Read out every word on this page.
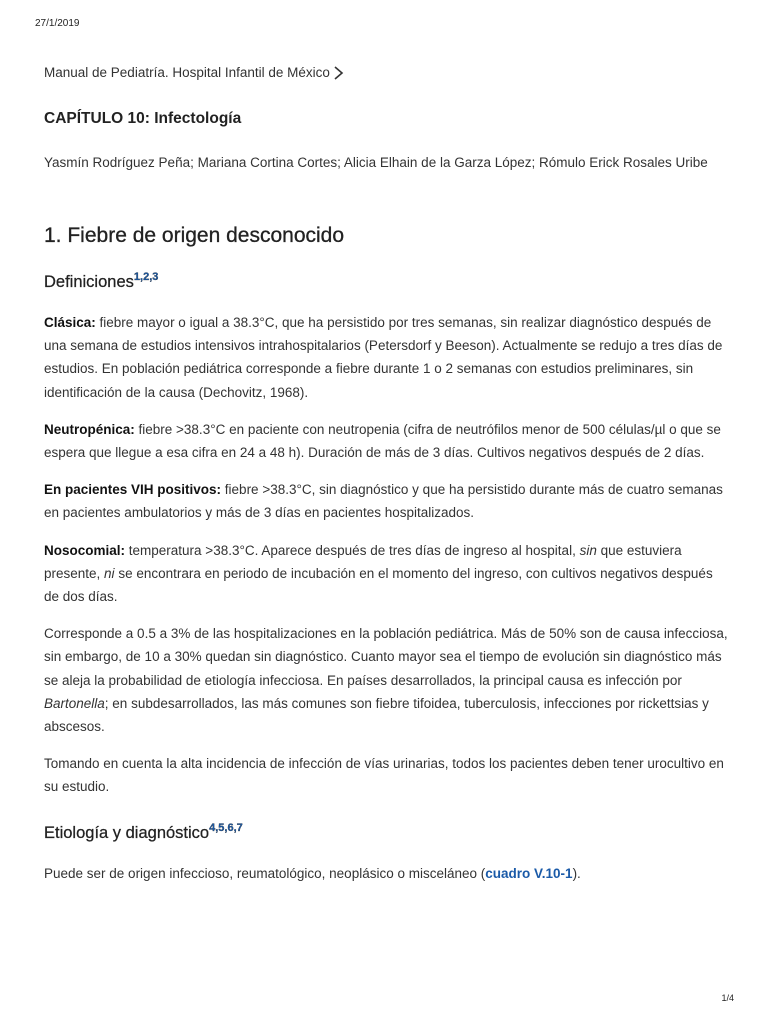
27/1/2019
Manual de Pediatría. Hospital Infantil de México
CAPÍTULO 10: Infectología

Yasmín Rodríguez Peña; Mariana Cortina Cortes; Alicia Elhain de la Garza López; Rómulo Erick Rosales Uribe

1. Fiebre de origen desconocido
Definiciones$^{1,2,3}$

Clásica: fiebre mayor o igual a 38.3°C, que ha persistido por tres semanas, sin realizar diagnóstico después de una semana de estudios intensivos intrahospitalarios (Petersdorf y Beeson). Actualmente se redujo a tres días de estudios. En población pediátrica corresponde a fiebre durante 1 o 2 semanas con estudios preliminares, sin identificación de la causa (Dechovitz, 1968).

Neutropénica: fiebre >38.3°C en paciente con neutropenia (cifra de neutrófilos menor de 500 células/µl o que se espera que llegue a esa cifra en 24 a 48 h). Duración de más de 3 días. Cultivos negativos después de 2 días.

En pacientes VIH positivos: fiebre >38.3°C, sin diagnóstico y que ha persistido durante más de cuatro semanas en pacientes ambulatorios y más de 3 días en pacientes hospitalizados.

Nosocomial: temperatura >38.3°C. Aparece después de tres días de ingreso al hospital, sin que estuviera presente, ni se encontrara en periodo de incubación en el momento del ingreso, con cultivos negativos después de dos días.

Corresponde a 0.5 a 3% de las hospitalizaciones en la población pediátrica. Más de 50% son de causa infecciosa, sin embargo, de 10 a 30% quedan sin diagnóstico. Cuanto mayor sea el tiempo de evolución sin diagnóstico más se aleja la probabilidad de etiología infecciosa. En países desarrollados, la principal causa es infección por Bartonella; en subdesarrollados, las más comunes son fiebre tifoidea, tuberculosis, infecciones por rickettsias y abscesos.

Tomando en cuenta la alta incidencia de infección de vías urinarias, todos los pacientes deben tener urocultivo en su estudio.

Etiología y diagnóstico$^{4,5,6,7}$

Puede ser de origen infeccioso, reumatológico, neoplásico o misceláneo (cuadro V.10-1).

1/4
